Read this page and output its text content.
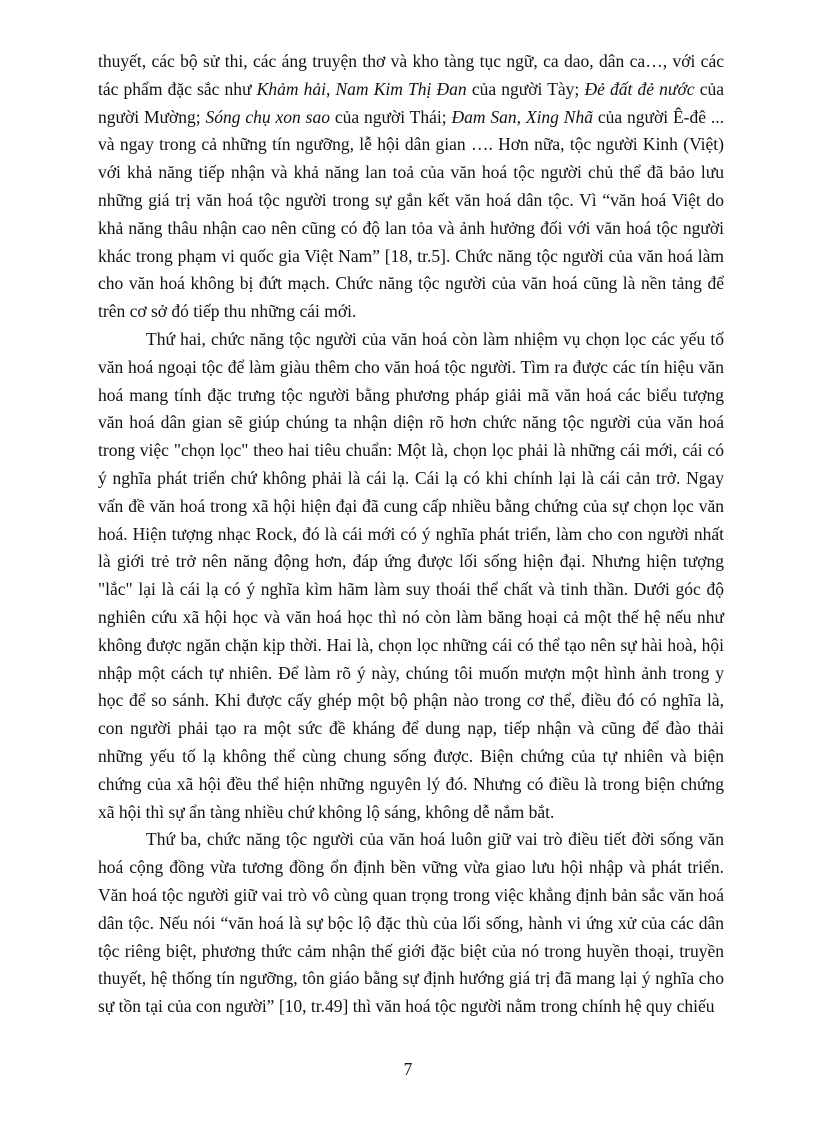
thuyết, các bộ sử thi, các áng truyện thơ và kho tàng tục ngữ, ca dao, dân ca…, với các
tác phẩm đặc sắc như Khảm hải, Nam Kim Thị Đan của người Tày; Đẻ đất đẻ nước của
người Mường; Sóng chụ xon sao của người Thái; Đam San, Xing Nhã của người Ê-đê ...
và ngay trong cả những tín ngưỡng, lễ hội dân gian …. Hơn nữa, tộc người Kinh (Việt)
với khả năng tiếp nhận và khả năng lan toả của văn hoá tộc người chủ thể đã bảo lưu
những giá trị văn hoá tộc người trong sự gắn kết văn hoá dân tộc. Vì “văn hoá Việt do
khả năng thâu nhận cao nên cũng có độ lan tỏa và ảnh hưởng đối với văn hoá tộc người
khác trong phạm vi quốc gia Việt Nam” [18, tr.5]. Chức năng tộc người của văn hoá làm
cho văn hoá không bị đứt mạch. Chức năng tộc người của văn hoá cũng là nền tảng để
trên cơ sở đó tiếp thu những cái mới.
Thứ hai, chức năng tộc người của văn hoá còn làm nhiệm vụ chọn lọc các yếu tố
văn hoá ngoại tộc để làm giàu thêm cho văn hoá tộc người. Tìm ra được các tín hiệu văn
hoá mang tính đặc trưng tộc người bằng phương pháp giải mã văn hoá các biểu tượng
văn hoá dân gian sẽ giúp chúng ta nhận diện rõ hơn chức năng tộc người của văn hoá
trong việc "chọn lọc" theo hai tiêu chuẩn: Một là, chọn lọc phải là những cái mới, cái có
ý nghĩa phát triển chứ không phải là cái lạ. Cái lạ có khi chính lại là cái cản trở. Ngay
vấn đề văn hoá trong xã hội hiện đại đã cung cấp nhiều bằng chứng của sự chọn lọc văn
hoá. Hiện tượng nhạc Rock, đó là cái mới có ý nghĩa phát triển, làm cho con người nhất
là giới trẻ trở nên năng động hơn, đáp ứng được lối sống hiện đại. Nhưng hiện tượng
"lắc" lại là cái lạ có ý nghĩa kìm hãm làm suy thoái thể chất và tinh thần. Dưới góc độ
nghiên cứu xã hội học và văn hoá học thì nó còn làm băng hoại cả một thế hệ nếu như
không được ngăn chặn kịp thời. Hai là, chọn lọc những cái có thể tạo nên sự hài hoà, hội
nhập một cách tự nhiên. Để làm rõ ý này, chúng tôi muốn mượn một hình ảnh trong y
học để so sánh. Khi được cấy ghép một bộ phận nào trong cơ thể, điều đó có nghĩa là,
con người phải tạo ra một sức đề kháng để dung nạp, tiếp nhận và cũng để đào thải
những yếu tố lạ không thể cùng chung sống được. Biện chứng của tự nhiên và biện
chứng của xã hội đều thể hiện những nguyên lý đó. Nhưng có điều là trong biện chứng
xã hội thì sự ẩn tàng nhiều chứ không lộ sáng, không dễ nắm bắt.
Thứ ba, chức năng tộc người của văn hoá luôn giữ vai trò điều tiết đời sống văn
hoá cộng đồng vừa tương đồng ổn định bền vững vừa giao lưu hội nhập và phát triển.
Văn hoá tộc người giữ vai trò vô cùng quan trọng trong việc khẳng định bản sắc văn hoá
dân tộc. Nếu nói “văn hoá là sự bộc lộ đặc thù của lối sống, hành vi ứng xử của các dân
tộc riêng biệt, phương thức cảm nhận thế giới đặc biệt của nó trong huyền thoại, truyền
thuyết, hệ thống tín ngưỡng, tôn giáo bằng sự định hướng giá trị đã mang lại ý nghĩa cho
sự tồn tại của con người” [10, tr.49] thì văn hoá tộc người nằm trong chính hệ quy chiếu
7
